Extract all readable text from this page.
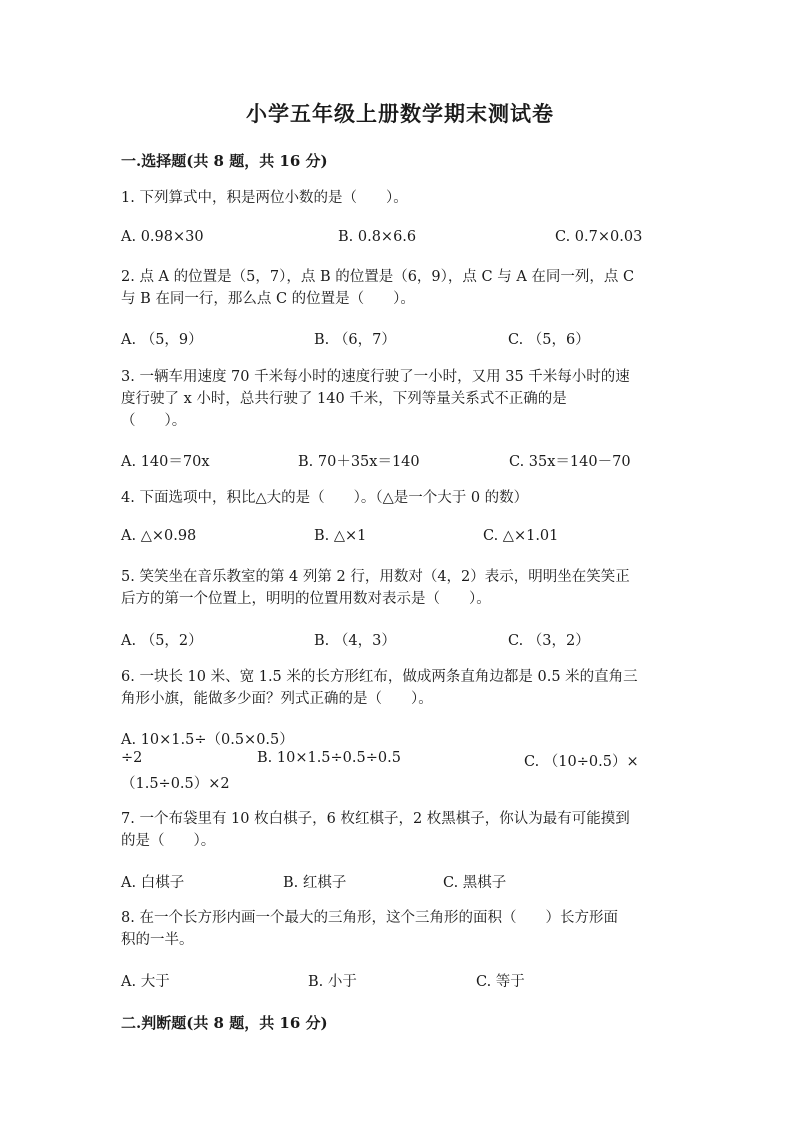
小学五年级上册数学期末测试卷
一.选择题(共 8 题，共 16 分)
1. 下列算式中，积是两位小数的是（　　）。
A. 0.98×30	B. 0.8×6.6	C. 0.7×0.03
2. 点 A 的位置是（5，7），点 B 的位置是（6，9），点 C 与 A 在同一列，点 C
与 B 在同一行，那么点 C 的位置是（　　）。
A. （5，9）	B. （6，7）	C. （5，6）
3. 一辆车用速度 70 千米每小时的速度行驶了一小时，又用 35 千米每小时的速
度行驶了 x 小时，总共行驶了 140 千米，下列等量关系式不正确的是
（　　）。
A. 140＝70x	B. 70＋35x＝140	C. 35x＝140－70
4. 下面选项中，积比△大的是（　　）。（△是一个大于 0 的数）
A. △×0.98	B. △×1	C. △×1.01
5. 笑笑坐在音乐教室的第 4 列第 2 行，用数对（4，2）表示，明明坐在笑笑正
后方的第一个位置上，明明的位置用数对表示是（　　）。
A. （5，2）	B. （4，3）	C. （3，2）
6. 一块长 10 米、宽 1.5 米的长方形红布，做成两条直角边都是 0.5 米的直角三
角形小旗，能做多少面？列式正确的是（　　）。
A. 10×1.5÷（0.5×0.5）
÷2	B. 10×1.5÷0.5÷0.5	C. （10÷0.5）×
（1.5÷0.5）×2
7. 一个布袋里有 10 枚白棋子，6 枚红棋子，2 枚黑棋子，你认为最有可能摸到
的是（　　）。
A. 白棋子	B. 红棋子	C. 黑棋子
8. 在一个长方形内画一个最大的三角形，这个三角形的面积（　　）长方形面
积的一半。
A. 大于	B. 小于	C. 等于
二.判断题(共 8 题，共 16 分)
